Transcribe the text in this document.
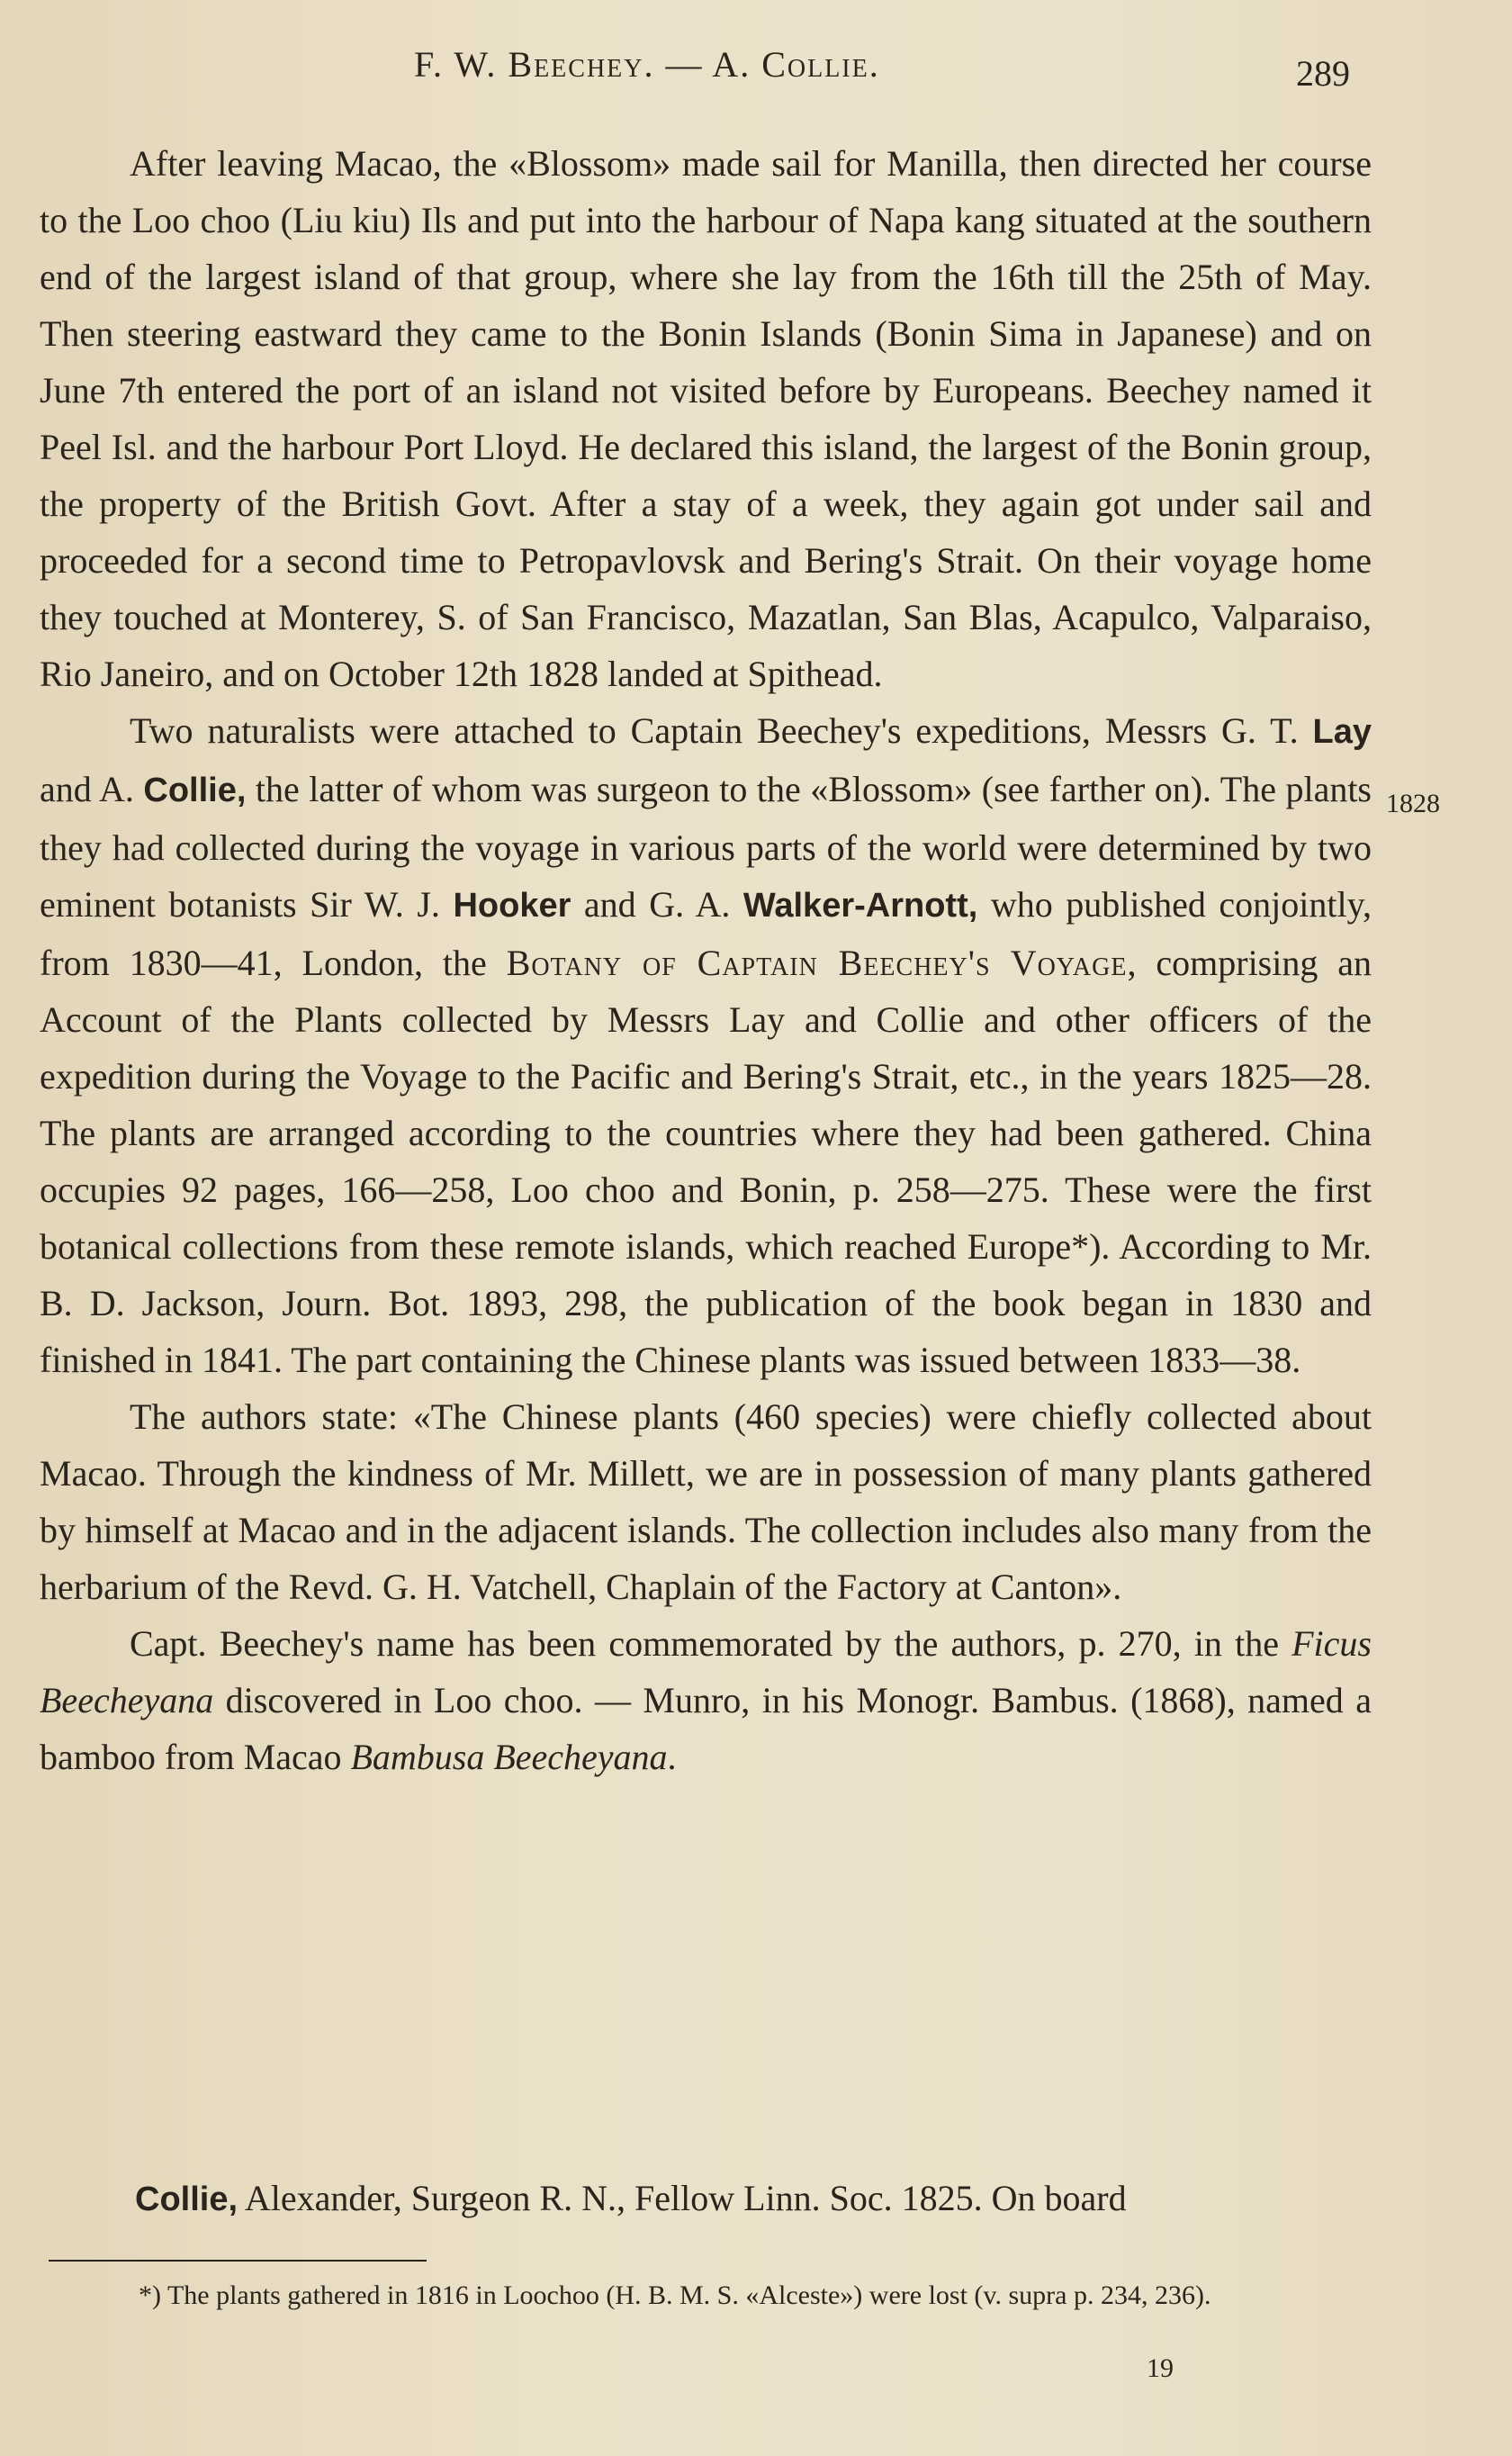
F. W. Beechey. — A. Collie.	289

After leaving Macao, the «Blossom» made sail for Manilla, then directed her course to the Loo choo (Liu kiu) Ils and put into the harbour of Napa kang situated at the southern end of the largest island of that group, where she lay from the 16th till the 25th of May. Then steering eastward they came to the Bonin Islands (Bonin Sima in Japanese) and on June 7th entered the port of an island not visited before by Europeans. Beechey named it Peel Isl. and the harbour Port Lloyd. He declared this island, the largest of the Bonin group, the property of the British Govt. After a stay of a week, they again got under sail and proceeded for a second time to Petropavlovsk and Bering's Strait. On their voyage home they touched at Monterey, S. of San Francisco, Mazatlan, San Blas, Acapulco, Valparaiso, Rio Janeiro, and on October 12th 1828 landed at Spithead.

Two naturalists were attached to Captain Beechey's expeditions, Messrs G. T. Lay and A. Collie, the latter of whom was surgeon to the «Blossom» (see farther on). The plants they had collected during the voyage in various parts of the world were determined by two eminent botanists Sir W. J. Hooker and G. A. Walker-Arnott, who published conjointly, from 1830—41, London, the Botany of Captain Beechey's Voyage, comprising an Account of the Plants collected by Messrs Lay and Collie and other officers of the expedition during the Voyage to the Pacific and Bering's Strait, etc., in the years 1825—28. The plants are arranged according to the countries where they had been gathered. China occupies 92 pages, 166—258, Loo choo and Bonin, p. 258—275. These were the first botanical collections from these remote islands, which reached Europe*). According to Mr. B. D. Jackson, Journ. Bot. 1893, 298, the publication of the book began in 1830 and finished in 1841. The part containing the Chinese plants was issued between 1833—38.

The authors state: «The Chinese plants (460 species) were chiefly collected about Macao. Through the kindness of Mr. Millett, we are in possession of many plants gathered by himself at Macao and in the adjacent islands. The collection includes also many from the herbarium of the Revd. G. H. Vatchell, Chaplain of the Factory at Canton».

Capt. Beechey's name has been commemorated by the authors, p. 270, in the Ficus Beecheyana discovered in Loo choo. — Munro, in his Monogr. Bambus. (1868), named a bamboo from Macao Bambusa Beecheyana.

1828
Collie, Alexander, Surgeon R. N., Fellow Linn. Soc. 1825. On board

*) The plants gathered in 1816 in Loochoo (H. B. M. S. «Alceste») were lost (v. supra p. 234, 236).

19
